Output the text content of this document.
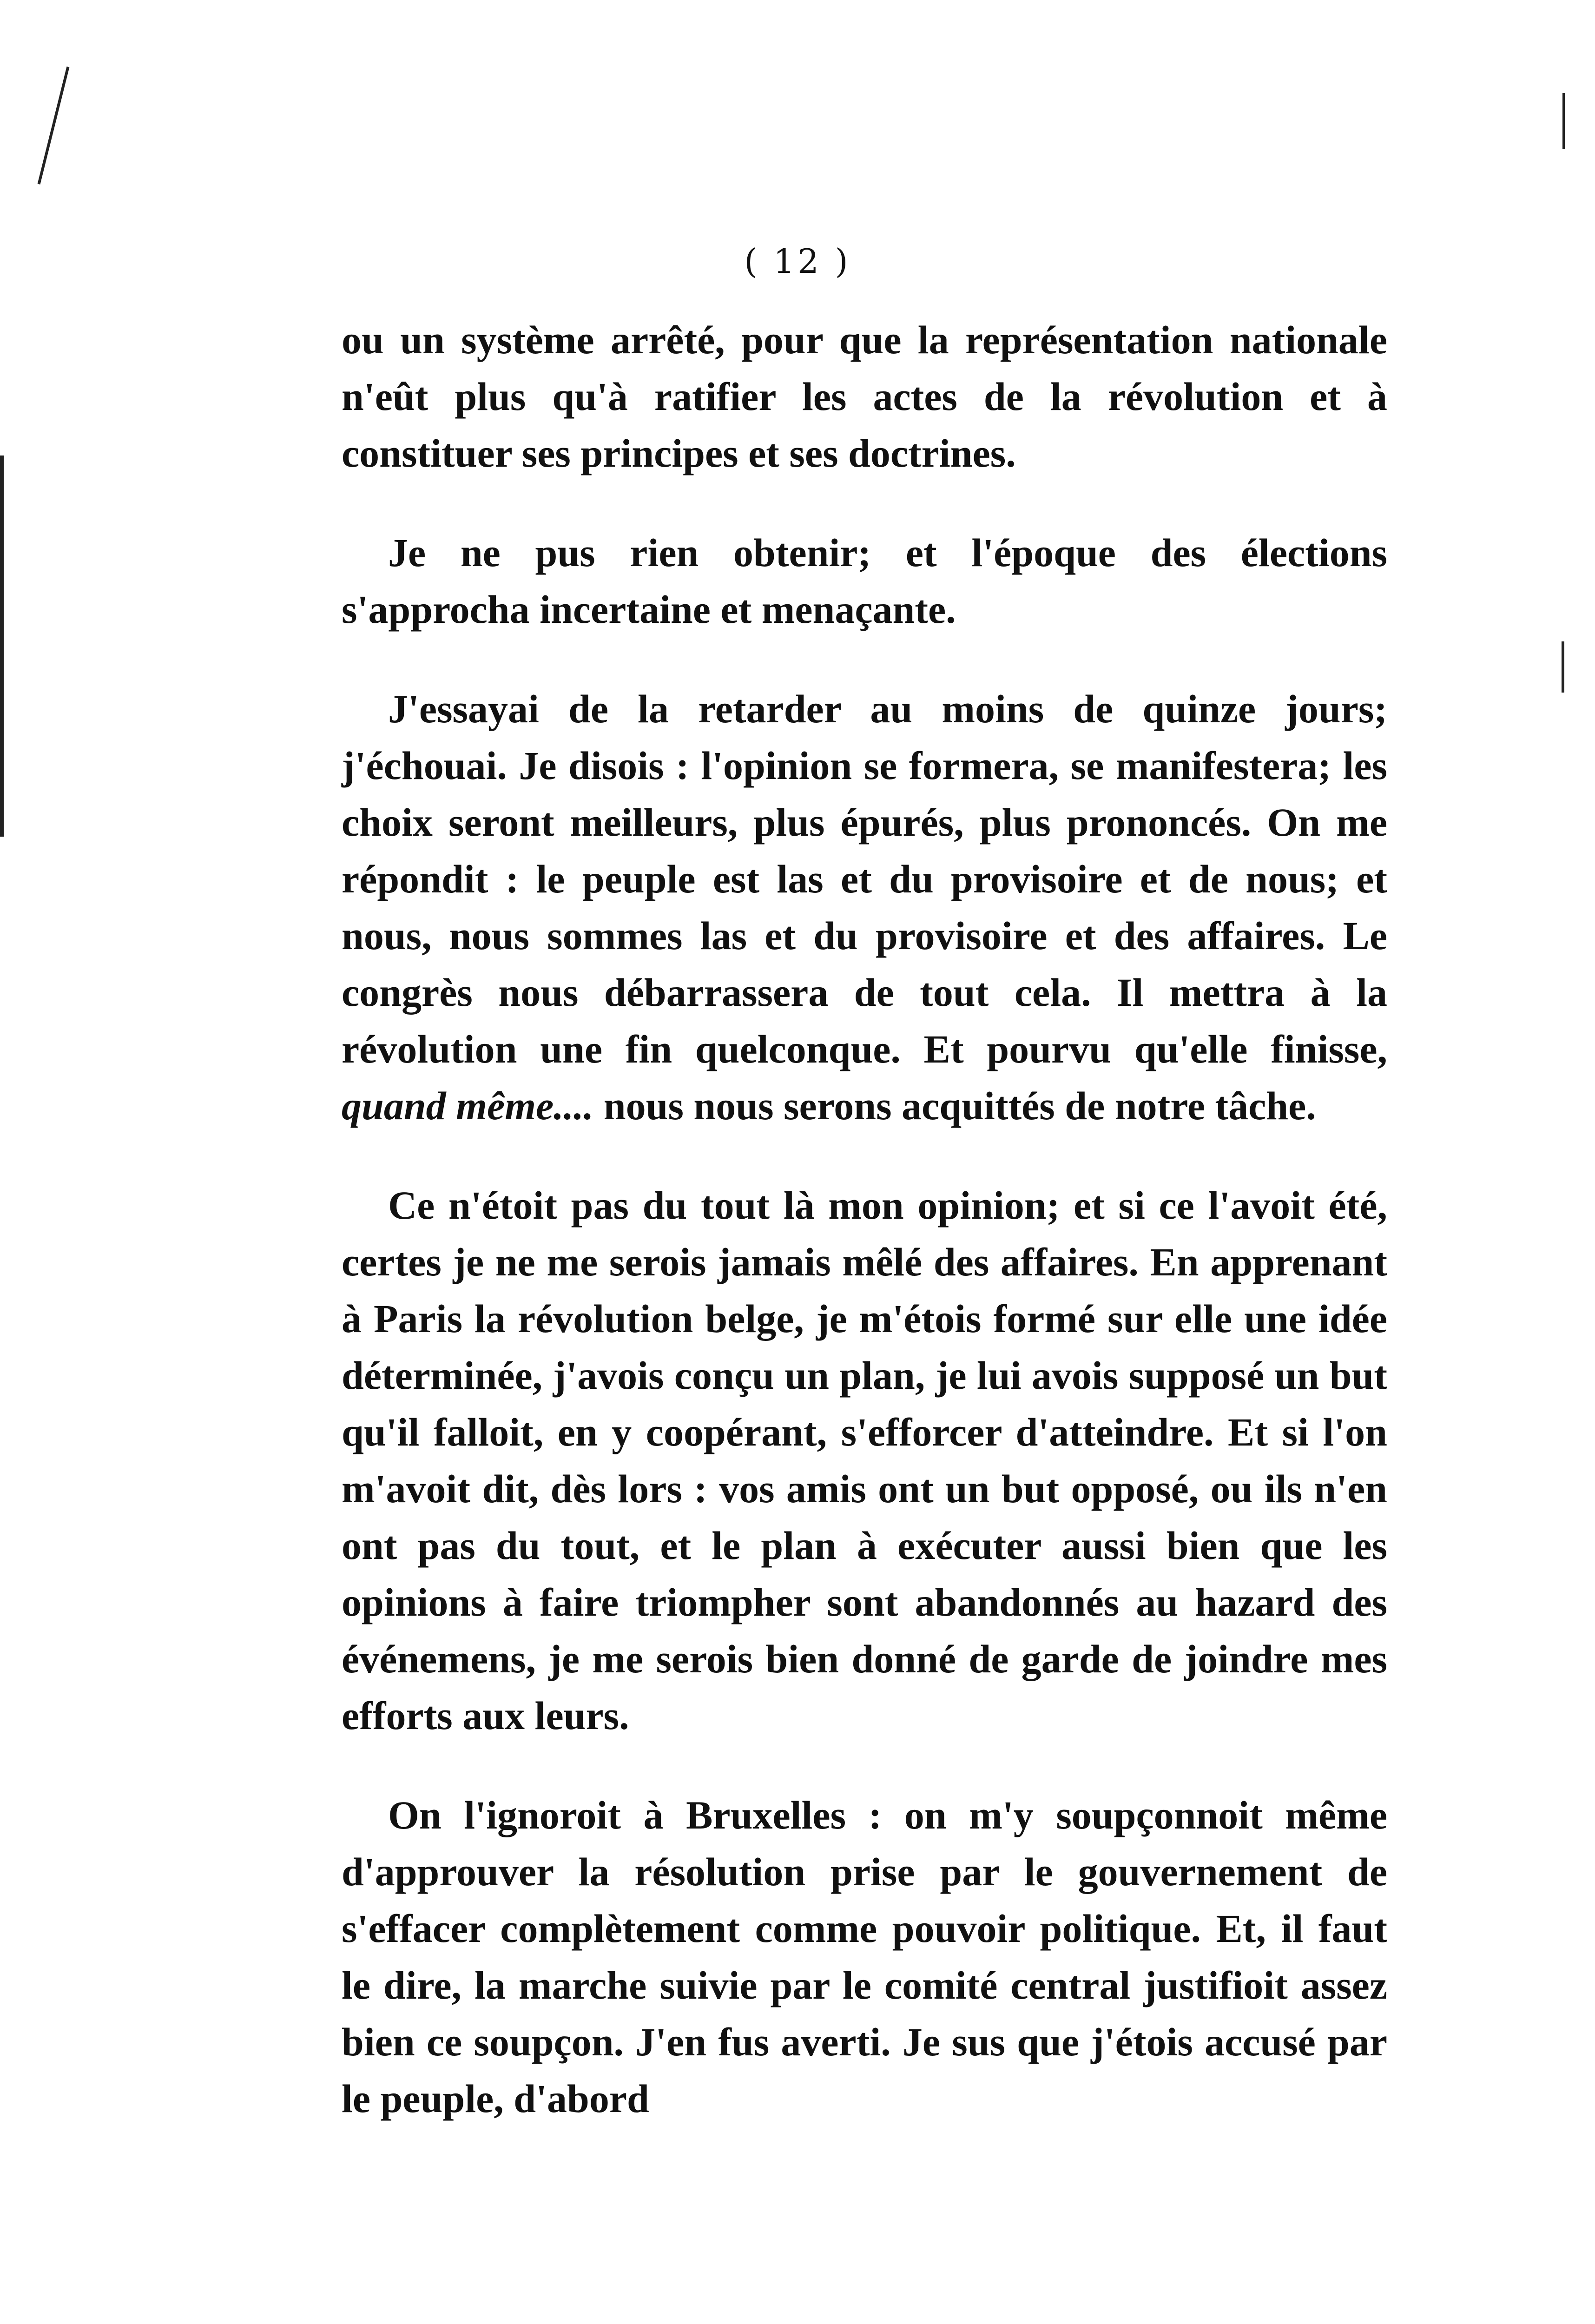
( 12 )

ou un système arrêté, pour que la représentation nationale n'eût plus qu'à ratifier les actes de la révolution et à constituer ses principes et ses doctrines.

Je ne pus rien obtenir; et l'époque des élections s'approcha incertaine et menaçante.

J'essayai de la retarder au moins de quinze jours; j'échouai. Je disois : l'opinion se formera, se manifestera; les choix seront meilleurs, plus épurés, plus prononcés. On me répondit : le peuple est las et du provisoire et de nous; et nous, nous sommes las et du provisoire et des affaires. Le congrès nous débarrassera de tout cela. Il mettra à la révolution une fin quelconque. Et pourvu qu'elle finisse, quand même.... nous nous serons acquittés de notre tâche.

Ce n'étoit pas du tout là mon opinion; et si ce l'avoit été, certes je ne me serois jamais mêlé des affaires. En apprenant à Paris la révolution belge, je m'étois formé sur elle une idée déterminée, j'avois conçu un plan, je lui avois supposé un but qu'il falloit, en y coopérant, s'efforcer d'atteindre. Et si l'on m'avoit dit, dès lors : vos amis ont un but opposé, ou ils n'en ont pas du tout, et le plan à exécuter aussi bien que les opinions à faire triompher sont abandonnés au hazard des événemens, je me serois bien donné de garde de joindre mes efforts aux leurs.

On l'ignoroit à Bruxelles : on m'y soupçonnoit même d'approuver la résolution prise par le gouvernement de s'effacer complètement comme pouvoir politique. Et, il faut le dire, la marche suivie par le comité central justifioit assez bien ce soupçon. J'en fus averti. Je sus que j'étois accusé par le peuple, d'abord
